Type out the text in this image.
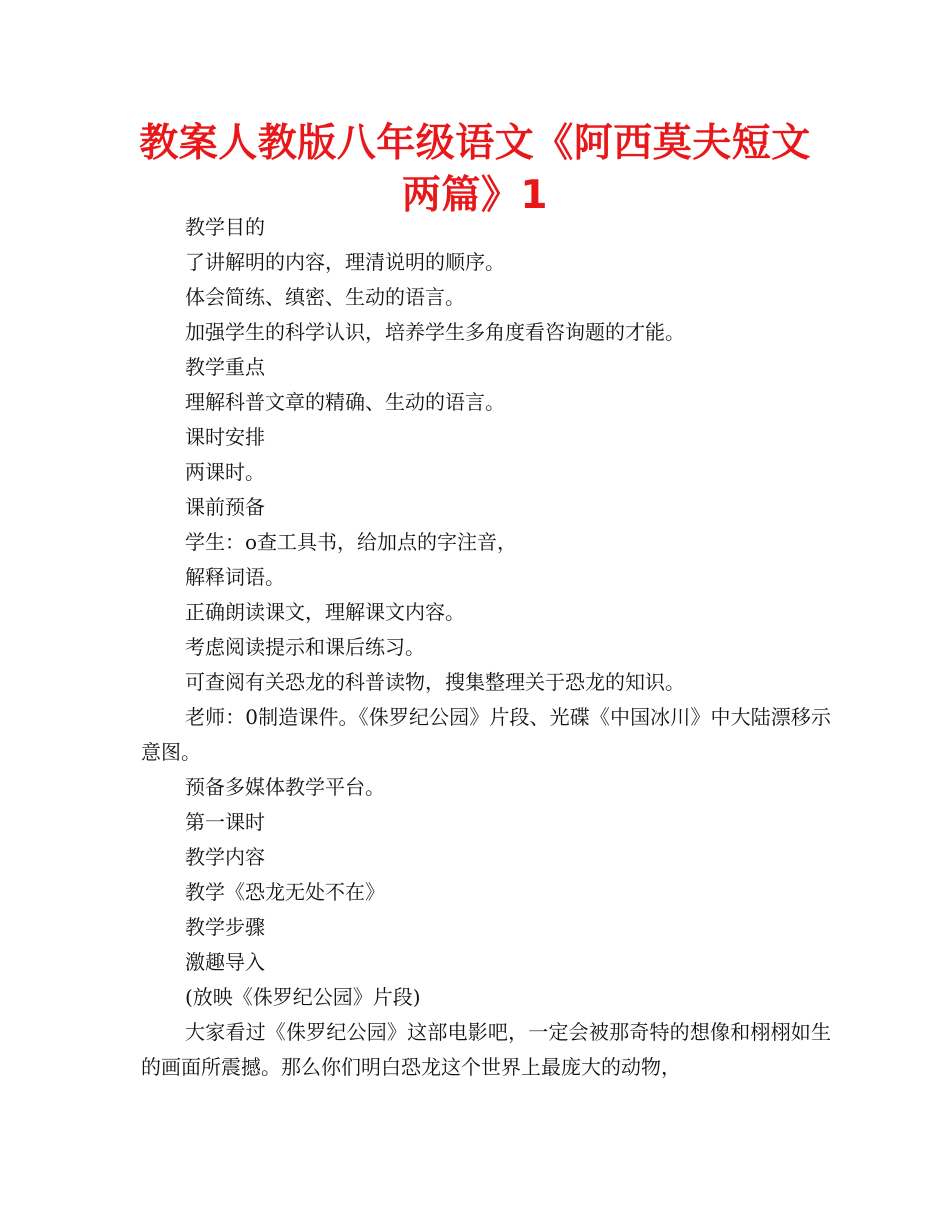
教案人教版八年级语文《阿西莫夫短文两篇》1

教学目的

了讲解明的内容，理清说明的顺序。

体会简练、缜密、生动的语言。

加强学生的科学认识，培养学生多角度看咨询题的才能。

教学重点

理解科普文章的精确、生动的语言。

课时安排

两课时。

课前预备

学生：o查工具书，给加点的字注音，

解释词语。

正确朗读课文，理解课文内容。

考虑阅读提示和课后练习。

可查阅有关恐龙的科普读物，搜集整理关于恐龙的知识。

老师：0制造课件。《侏罗纪公园》片段、光碟《中国冰川》中大陆漂移示意图。

预备多媒体教学平台。

第一课时

教学内容

教学《恐龙无处不在》

教学步骤

激趣导入

(放映《侏罗纪公园》片段)

大家看过《侏罗纪公园》这部电影吧，一定会被那奇特的想像和栩栩如生的画面所震撼。那么你们明白恐龙这个世界上最庞大的动物，
